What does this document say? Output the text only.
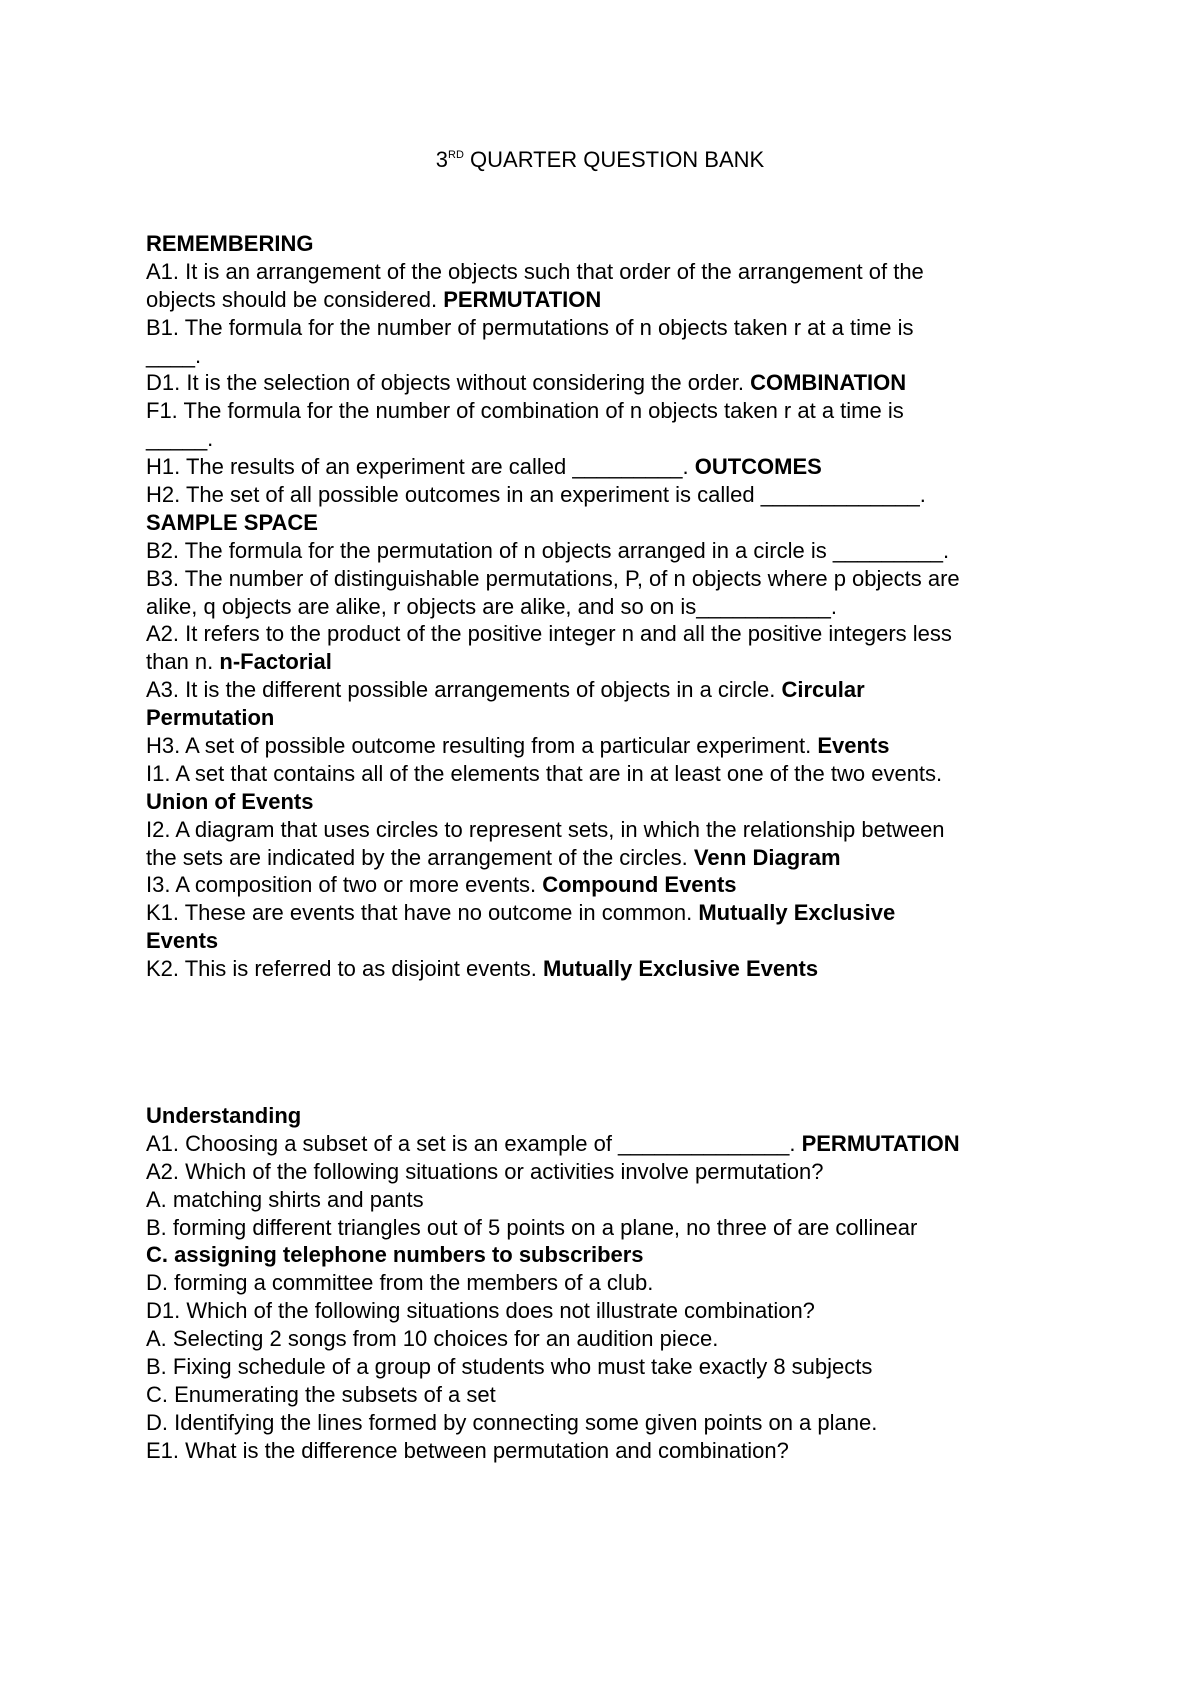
3RD QUARTER QUESTION BANK
REMEMBERING
A1. It is an arrangement of the objects such that order of the arrangement of the
objects should be considered. PERMUTATION
B1. The formula for the number of permutations of n objects taken r at a time is
____.
D1. It is the selection of objects without considering the order. COMBINATION
F1. The formula for the number of combination of n objects taken r at a time is
_____.
H1. The results of an experiment are called _________. OUTCOMES
H2. The set of all possible outcomes in an experiment is called _____________.
SAMPLE SPACE
B2. The formula for the permutation of n objects arranged in a circle is _________.
B3. The number of distinguishable permutations, P, of n objects where p objects are
alike, q objects are alike, r objects are alike, and so on is___________.
A2. It refers to the product of the positive integer n and all the positive integers less
than n. n-Factorial
A3. It is the different possible arrangements of objects in a circle. Circular
Permutation
H3. A set of possible outcome resulting from a particular experiment. Events
I1. A set that contains all of the elements that are in at least one of the two events.
Union of Events
I2. A diagram that uses circles to represent sets, in which the relationship between
the sets are indicated by the arrangement of the circles. Venn Diagram
I3. A composition of two or more events. Compound Events
K1. These are events that have no outcome in common. Mutually Exclusive
Events
K2. This is referred to as disjoint events. Mutually Exclusive Events
Understanding
A1. Choosing a subset of a set is an example of ______________. PERMUTATION
A2. Which of the following situations or activities involve permutation?
A. matching shirts and pants
B. forming different triangles out of 5 points on a plane, no three of are collinear
C. assigning telephone numbers to subscribers
D. forming a committee from the members of a club.
D1. Which of the following situations does not illustrate combination?
A. Selecting 2 songs from 10 choices for an audition piece.
B. Fixing schedule of a group of students who must take exactly 8 subjects
C. Enumerating the subsets of a set
D. Identifying the lines formed by connecting some given points on a plane.
E1. What is the difference between permutation and combination?
